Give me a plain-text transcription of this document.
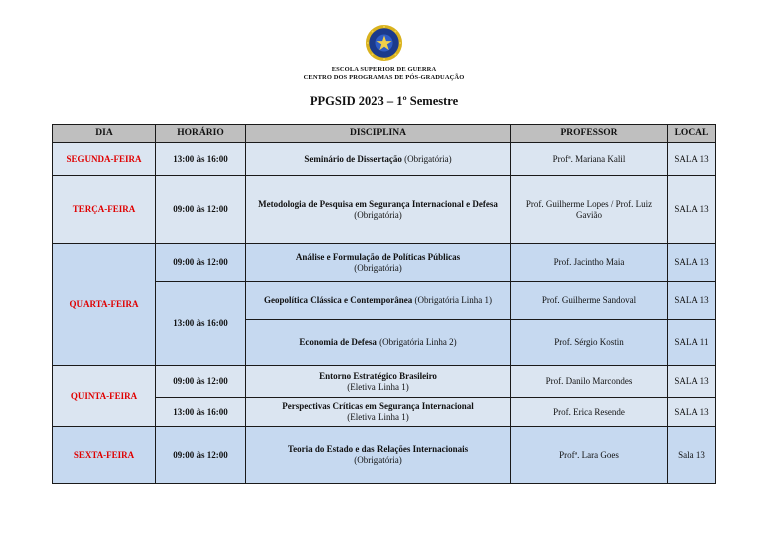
ESCOLA SUPERIOR DE GUERRA
CENTRO DOS PROGRAMAS DE PÓS-GRADUAÇÃO
PPGSID 2023 – 1º Semestre
DIA	HORÁRIO	DISCIPLINA	PROFESSOR	LOCAL
SEGUNDA-FEIRA	13:00 às 16:00	Seminário de Dissertação (Obrigatória)	Profª. Mariana Kalil	SALA 13
TERÇA-FEIRA	09:00 às 12:00	Metodologia de Pesquisa em Segurança Internacional e Defesa (Obrigatória)	Prof. Guilherme Lopes / Prof. Luiz Gavião	SALA 13
QUARTA-FEIRA	09:00 às 12:00	Análise e Formulação de Políticas Públicas
(Obrigatória)	Prof. Jacintho Maia	SALA 13
	13:00 às 16:00	Geopolítica Clássica e Contemporânea (Obrigatória Linha 1)	Prof. Guilherme Sandoval	SALA 13
		Economia de Defesa (Obrigatória Linha 2)	Prof. Sérgio Kostin	SALA 11
QUINTA-FEIRA	09:00 às 12:00	Entorno Estratégico Brasileiro
(Eletiva Linha 1)	Prof. Danilo Marcondes	SALA 13
	13:00 às 16:00	Perspectivas Críticas em Segurança Internacional
(Eletiva Linha 1)	Prof. Erica Resende	SALA 13
SEXTA-FEIRA	09:00 às 12:00	Teoria do Estado e das Relações Internacionais
(Obrigatória)	Profª. Lara Goes	Sala 13
